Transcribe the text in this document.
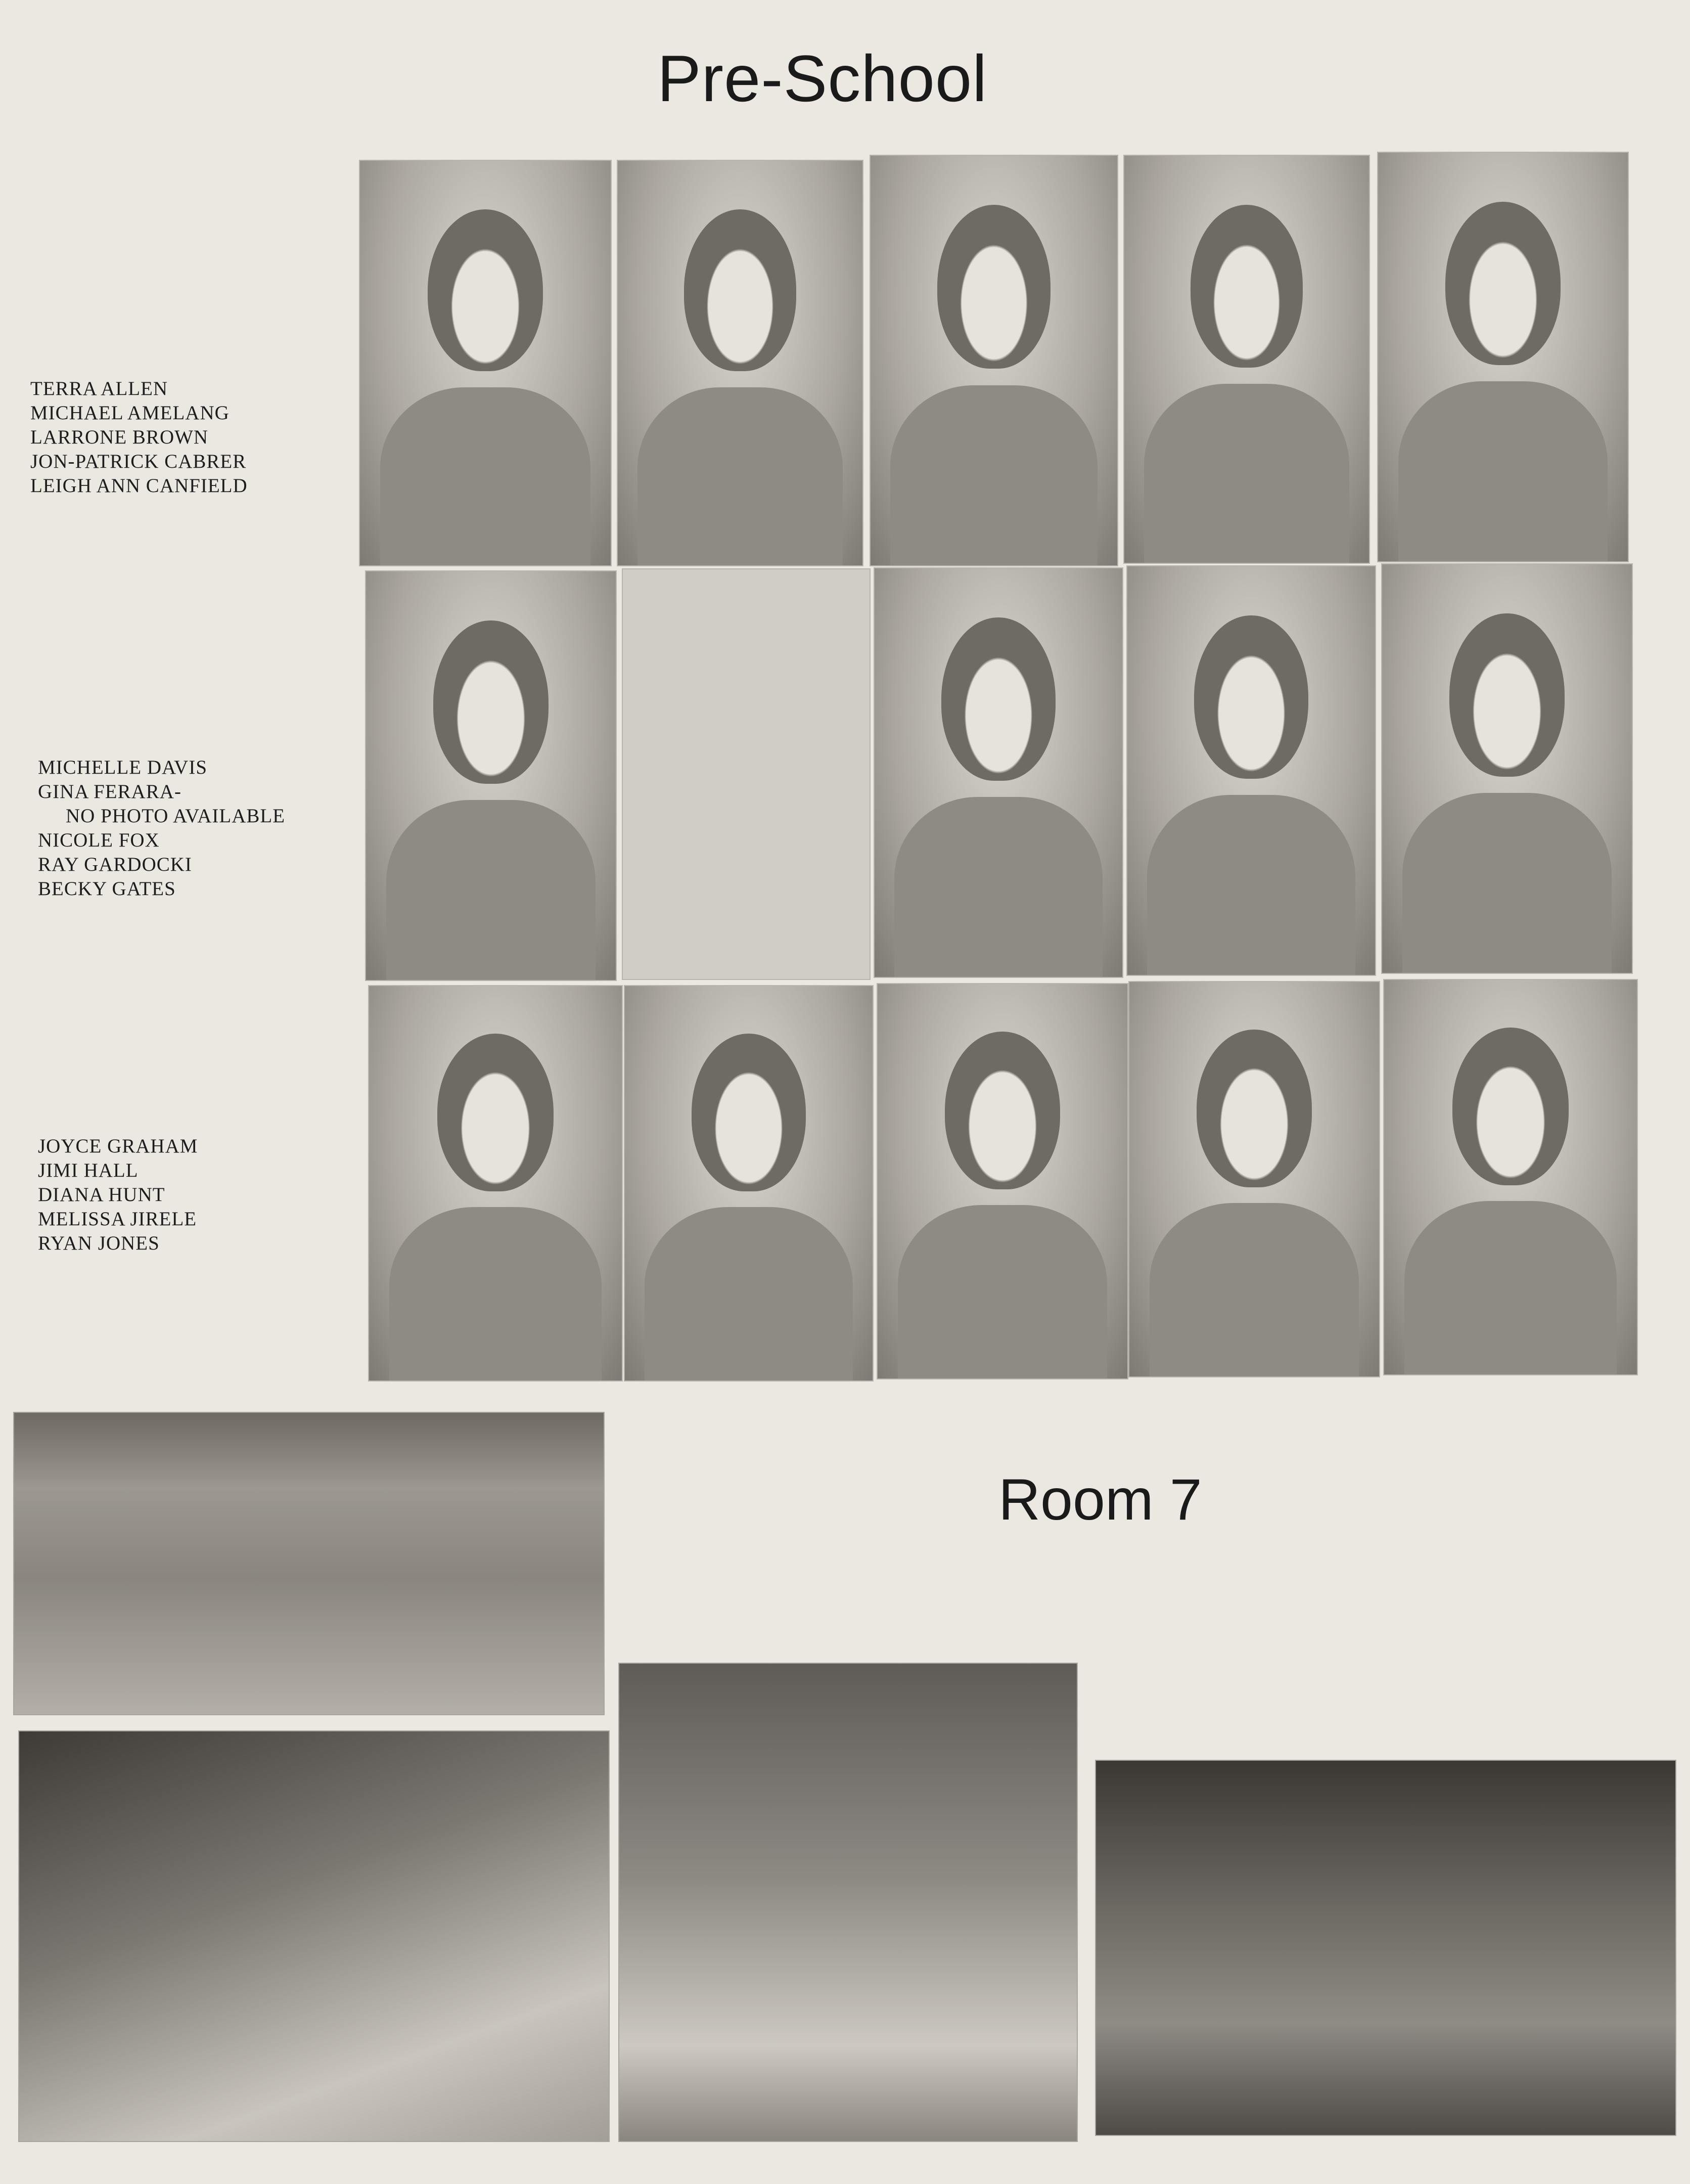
Pre-School
TERRA ALLEN
MICHAEL AMELANG
LARRONE BROWN
JON-PATRICK CABRER
LEIGH ANN CANFIELD
MICHELLE DAVIS
GINA FERARA-
NO PHOTO AVAILABLE
NICOLE FOX
RAY GARDOCKI
BECKY GATES
JOYCE GRAHAM
JIMI HALL
DIANA HUNT
MELISSA JIRELE
RYAN JONES
Room 7
